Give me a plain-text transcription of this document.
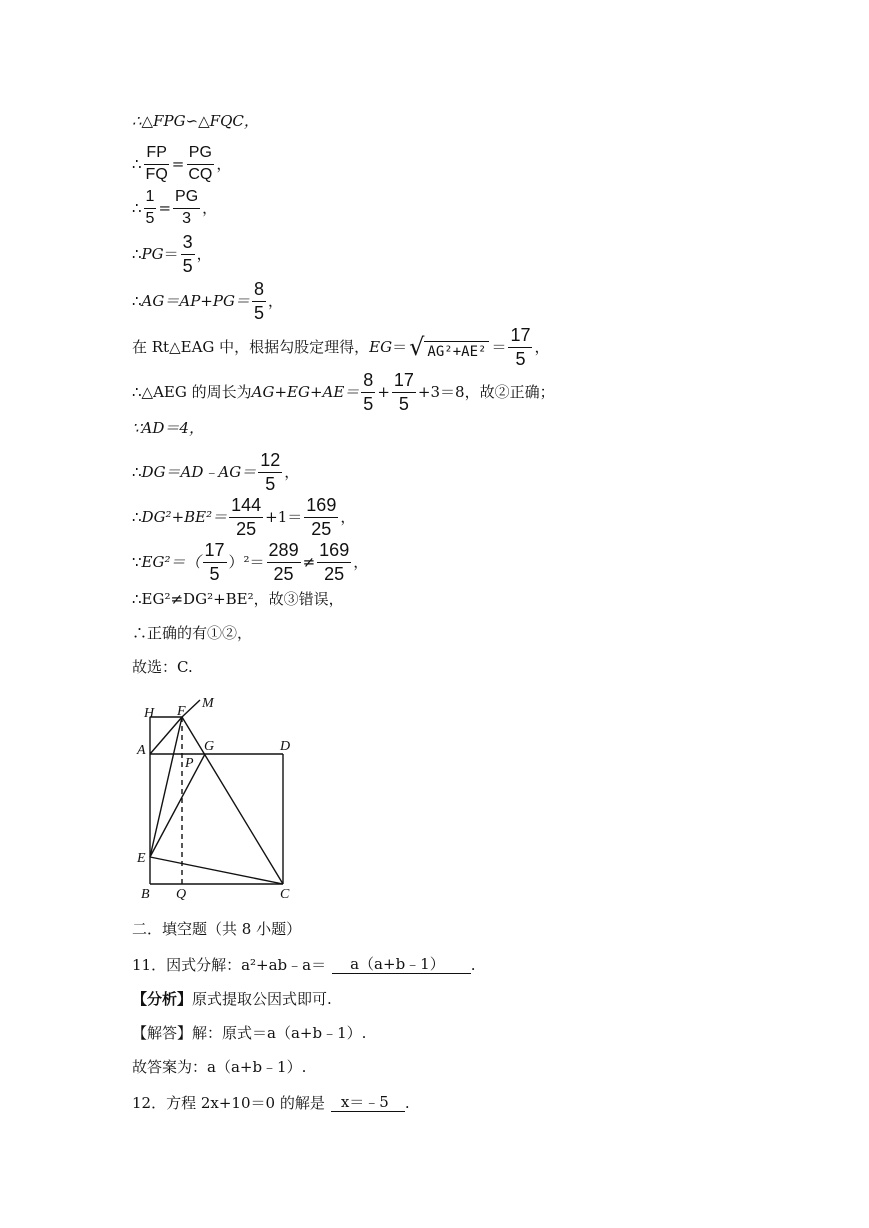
∴△FPG∽△FQC，
∴ $\frac{FP}{FQ} = \frac{PG}{CQ}$ ，
∴ $\frac{1}{5} = \frac{PG}{3}$ ，
∴ PG ＝ $\frac{3}{5}$ ，
∴ $AG=AP+PG= \frac{8}{5}$ ，
在 Rt△EAG 中，根据勾股定理得， EG ＝ √ $AG^2+AE^2 = \frac{17}{5}$ ，
∴△AEG 的周长为 $AG+EG+AE= \frac{8}{5} + \frac{17}{5} +3=8$，故②正确；
∵AD＝4，
∴ DG＝AD﹣AG＝ $\frac{12}{5}$ ，
∴ $DG^2+BE^2= \frac{144}{25} +1= \frac{169}{25}$ ，
∵ $EG^2=( \frac{17}{5} )^2= \frac{289}{25} \ne \frac{169}{25}$ ，
∴EG²≠DG²+BE²，故③错误，
∴正确的有①②，
故选：C.
H F
M
A	G	D
P
E
B Q	C
二．填空题（共 8 小题）
11．因式分解：a²+ab﹣a＝	a（a+b﹣1）	.
【分析】 原式提取公因式即可.
【解答】 解：原式＝a（a+b﹣1）.
故答案为：a（a+b﹣1）.
12．方程 2x+10＝0 的解是	x＝﹣5	.
